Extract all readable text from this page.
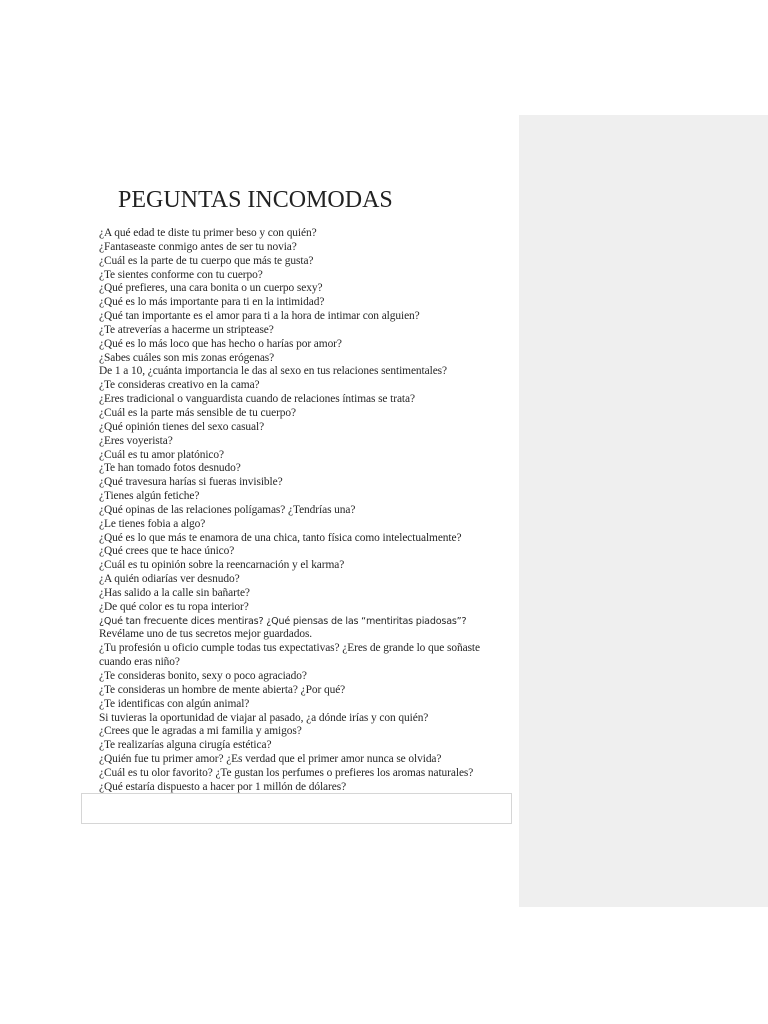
PEGUNTAS INCOMODAS
¿A qué edad te diste tu primer beso y con quién?
¿Fantaseaste conmigo antes de ser tu novia?
¿Cuál es la parte de tu cuerpo que más te gusta?
¿Te sientes conforme con tu cuerpo?
¿Qué prefieres, una cara bonita o un cuerpo sexy?
¿Qué es lo más importante para ti en la intimidad?
¿Qué tan importante es el amor para ti a la hora de intimar con alguien?
¿Te atreverías a hacerme un striptease?
¿Qué es lo más loco que has hecho o harías por amor?
¿Sabes cuáles son mis zonas erógenas?
De 1 a 10, ¿cuánta importancia le das al sexo en tus relaciones sentimentales?
¿Te consideras creativo en la cama?
¿Eres tradicional o vanguardista cuando de relaciones íntimas se trata?
¿Cuál es la parte más sensible de tu cuerpo?
¿Qué opinión tienes del sexo casual?
¿Eres voyerista?
¿Cuál es tu amor platónico?
¿Te han tomado fotos desnudo?
¿Qué travesura harías si fueras invisible?
¿Tienes algún fetiche?
¿Qué opinas de las relaciones polígamas? ¿Tendrías una?
¿Le tienes fobia a algo?
¿Qué es lo que más te enamora de una chica, tanto física como intelectualmente?
¿Qué crees que te hace único?
¿Cuál es tu opinión sobre la reencarnación y el karma?
¿A quién odiarías ver desnudo?
¿Has salido a la calle sin bañarte?
¿De qué color es tu ropa interior?
¿Qué tan frecuente dices mentiras? ¿Qué piensas de las “mentiritas piadosas”?
Revélame uno de tus secretos mejor guardados.
¿Tu profesión u oficio cumple todas tus expectativas? ¿Eres de grande lo que soñaste cuando eras niño?
¿Te consideras bonito, sexy o poco agraciado?
¿Te consideras un hombre de mente abierta? ¿Por qué?
¿Te identificas con algún animal?
Si tuvieras la oportunidad de viajar al pasado, ¿a dónde irías y con quién?
¿Crees que le agradas a mi familia y amigos?
¿Te realizarías alguna cirugía estética?
¿Quién fue tu primer amor? ¿Es verdad que el primer amor nunca se olvida?
¿Cuál es tu olor favorito? ¿Te gustan los perfumes o prefieres los aromas naturales?
¿Qué estaría dispuesto a hacer por 1 millón de dólares?
